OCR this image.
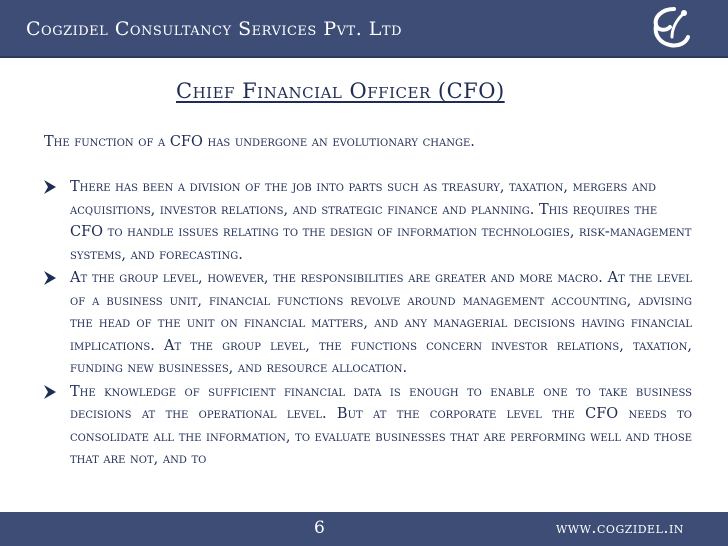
Cogzidel Consultancy Services Pvt. Ltd
Chief Financial Officer (CFO)
The function of a CFO has undergone an evolutionary change.

There has been a division of the job into parts such as treasury, taxation, mergers and acquisitions, investor relations, and strategic finance and planning. This requires the CFO to handle issues relating to the design of information technologies, risk-management systems, and forecasting.

At the group level, however, the responsibilities are greater and more macro. At the level of a business unit, financial functions revolve around management accounting, advising the head of the unit on financial matters, and any managerial decisions having financial implications. At the group level, the functions concern investor relations, taxation, funding new businesses, and resource allocation.

The knowledge of sufficient financial data is enough to enable one to take business decisions at the operational level. But at the corporate level the CFO needs to consolidate all the information, to evaluate businesses that are performing well and those that are not, and to

6	www.cogzidel.in
